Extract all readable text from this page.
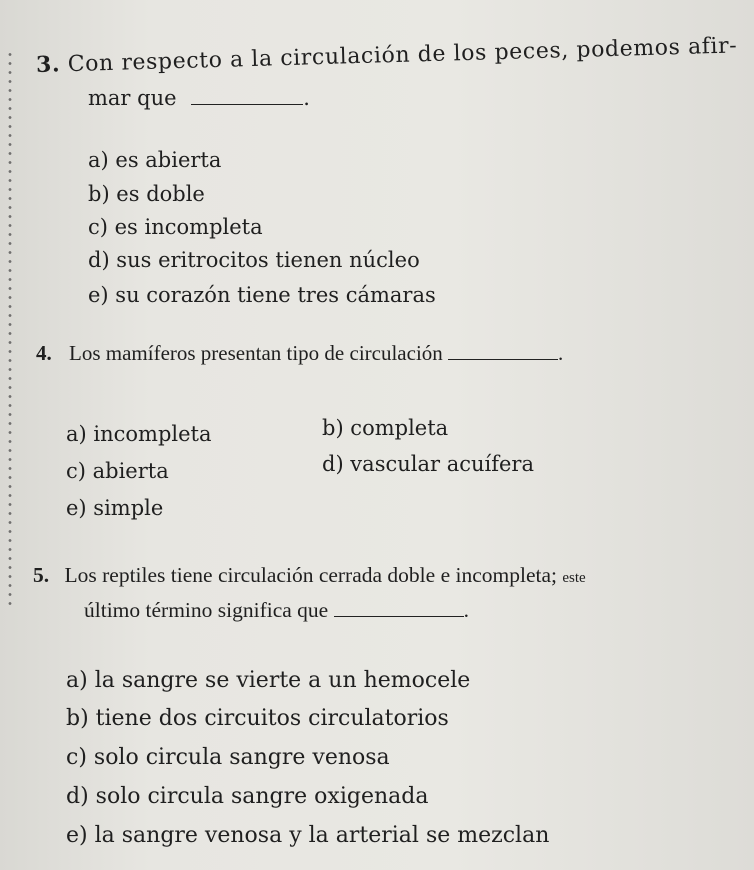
3. Con respecto a la circulación de los peces, podemos afir-
mar que	.
a) es abierta
b) es doble
c) es incompleta
d) sus eritrocitos tienen núcleo
e) su corazón tiene tres cámaras
4. Los mamíferos presentan tipo de circulación	.
a) incompleta	b) completa
c) abierta	d) vascular acuífera
e) simple
5. Los reptiles tiene circulación cerrada doble e incompleta; este
último término significa que	.
a) la sangre se vierte a un hemocele
b) tiene dos circuitos circulatorios
c) solo circula sangre venosa
d) solo circula sangre oxigenada
e) la sangre venosa y la arterial se mezclan
